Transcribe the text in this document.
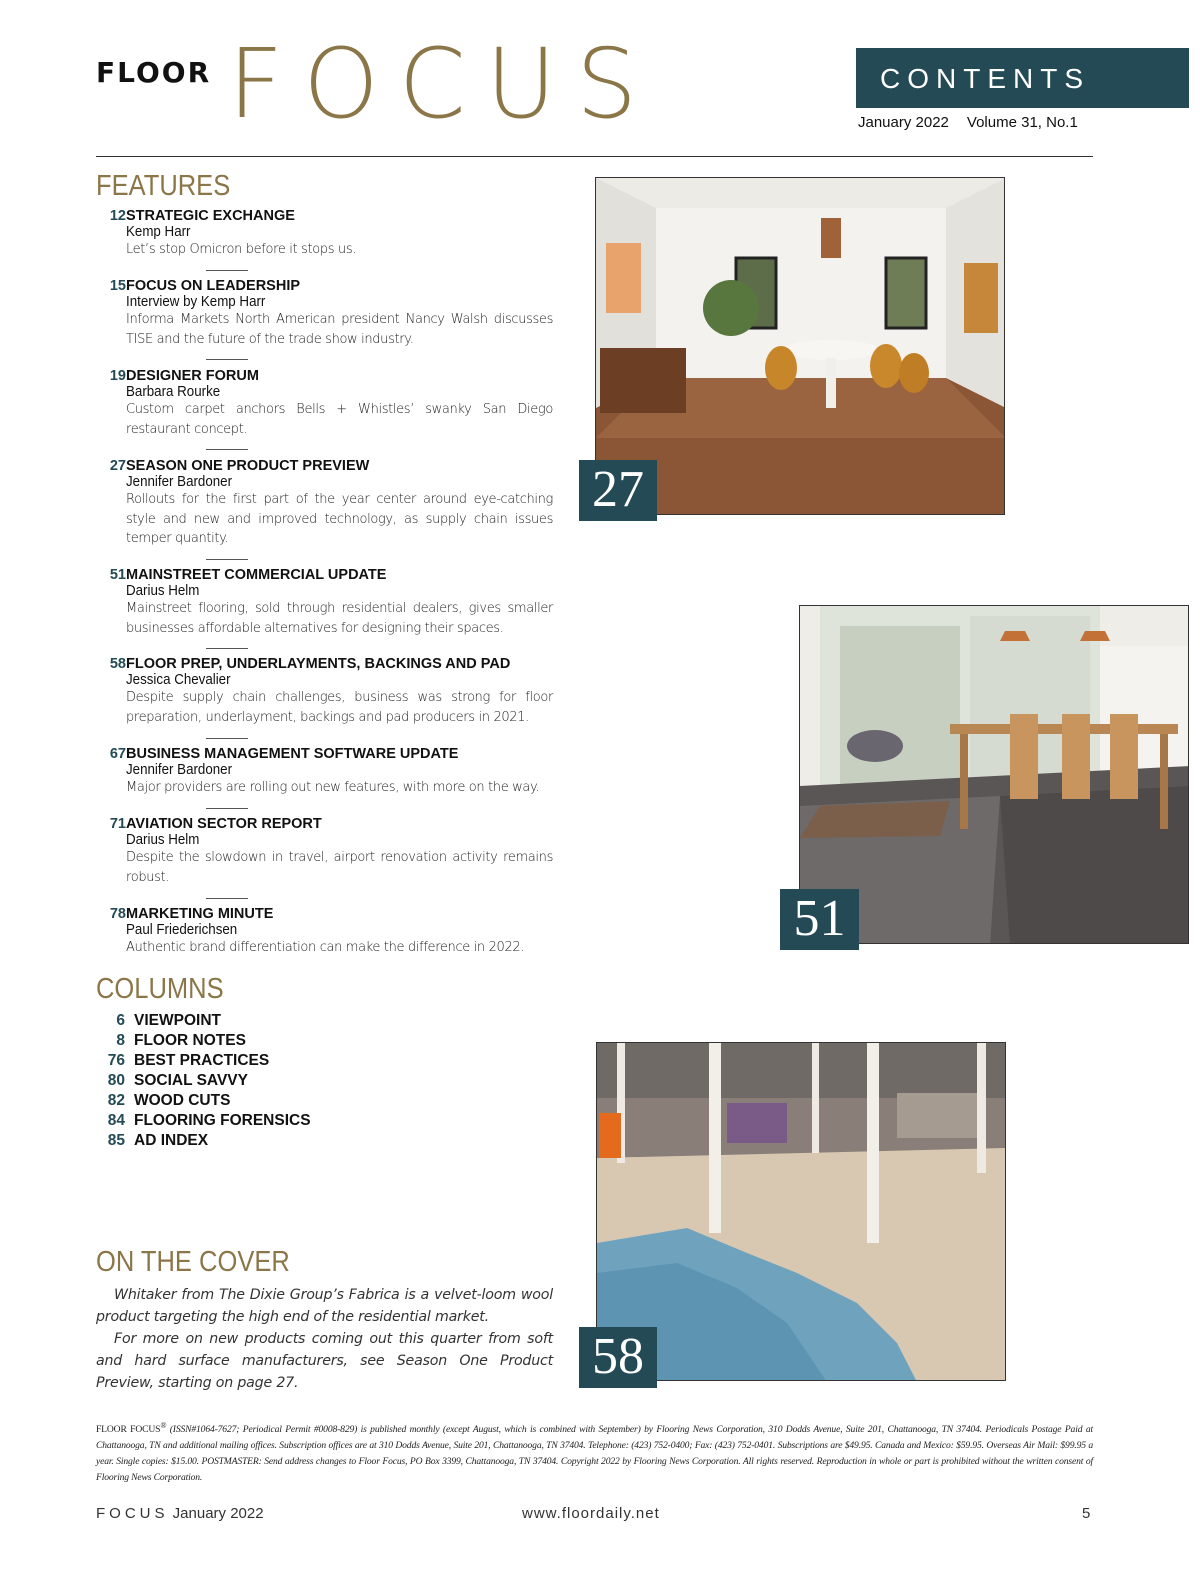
FLOOR FOCUS	CONTENTS
January 2022 Volume 31, No.1
FEATURES
12 STRATEGIC EXCHANGE
Kemp Harr
Let’s stop Omicron before it stops us.
15 FOCUS ON LEADERSHIP
Interview by Kemp Harr
Informa Markets North American president Nancy Walsh discusses TISE and the future of the trade show industry.
19 DESIGNER FORUM
Barbara Rourke
Custom carpet anchors Bells + Whistles’ swanky San Diego restaurant concept.
27 SEASON ONE PRODUCT PREVIEW
Jennifer Bardoner
Rollouts for the first part of the year center around eye-catching style and new and improved technology, as supply chain issues temper quantity.
51 MAINSTREET COMMERCIAL UPDATE
Darius Helm
Mainstreet flooring, sold through residential dealers, gives smaller businesses affordable alternatives for designing their spaces.
58 FLOOR PREP, UNDERLAYMENTS, BACKINGS AND PAD
Jessica Chevalier
Despite supply chain challenges, business was strong for floor preparation, underlayment, backings and pad producers in 2021.
67 BUSINESS MANAGEMENT SOFTWARE UPDATE
Jennifer Bardoner
Major providers are rolling out new features, with more on the way.
71 AVIATION SECTOR REPORT
Darius Helm
Despite the slowdown in travel, airport renovation activity remains robust.
78 MARKETING MINUTE
Paul Friederichsen
Authentic brand differentiation can make the difference in 2022.
COLUMNS
6 VIEWPOINT
8 FLOOR NOTES
76 BEST PRACTICES
80 SOCIAL SAVVY
82 WOOD CUTS
84 FLOORING FORENSICS
85 AD INDEX
ON THE COVER

Whitaker from The Dixie Group’s Fabrica is a velvet-loom wool product targeting the high end of the residential market.

For more on new products coming out this quarter from soft and hard surface manufacturers, see Season One Product Preview, starting on page 27.

27
51
58
FLOOR FOCUS® (ISSN#1064-7627; Periodical Permit #0008-829) is published monthly (except August, which is combined with September) by Flooring News Corporation, 310 Dodds Avenue, Suite 201, Chattanooga, TN 37404. Periodicals Postage Paid at Chattanooga, TN and additional mailing offices. Subscription offices are at 310 Dodds Avenue, Suite 201, Chattanooga, TN 37404. Telephone: (423) 752-0400; Fax: (423) 752-0401. Subscriptions are $49.95. Canada and Mexico: $59.95. Overseas Air Mail: $99.95 a year. Single copies: $15.00. POSTMASTER: Send address changes to Floor Focus, PO Box 3399, Chattanooga, TN 37404. Copyright 2022 by Flooring News Corporation. All rights reserved. Reproduction in whole or part is prohibited without the written consent of Flooring News Corporation.
FOCUS January 2022	www.floordaily.net	5
